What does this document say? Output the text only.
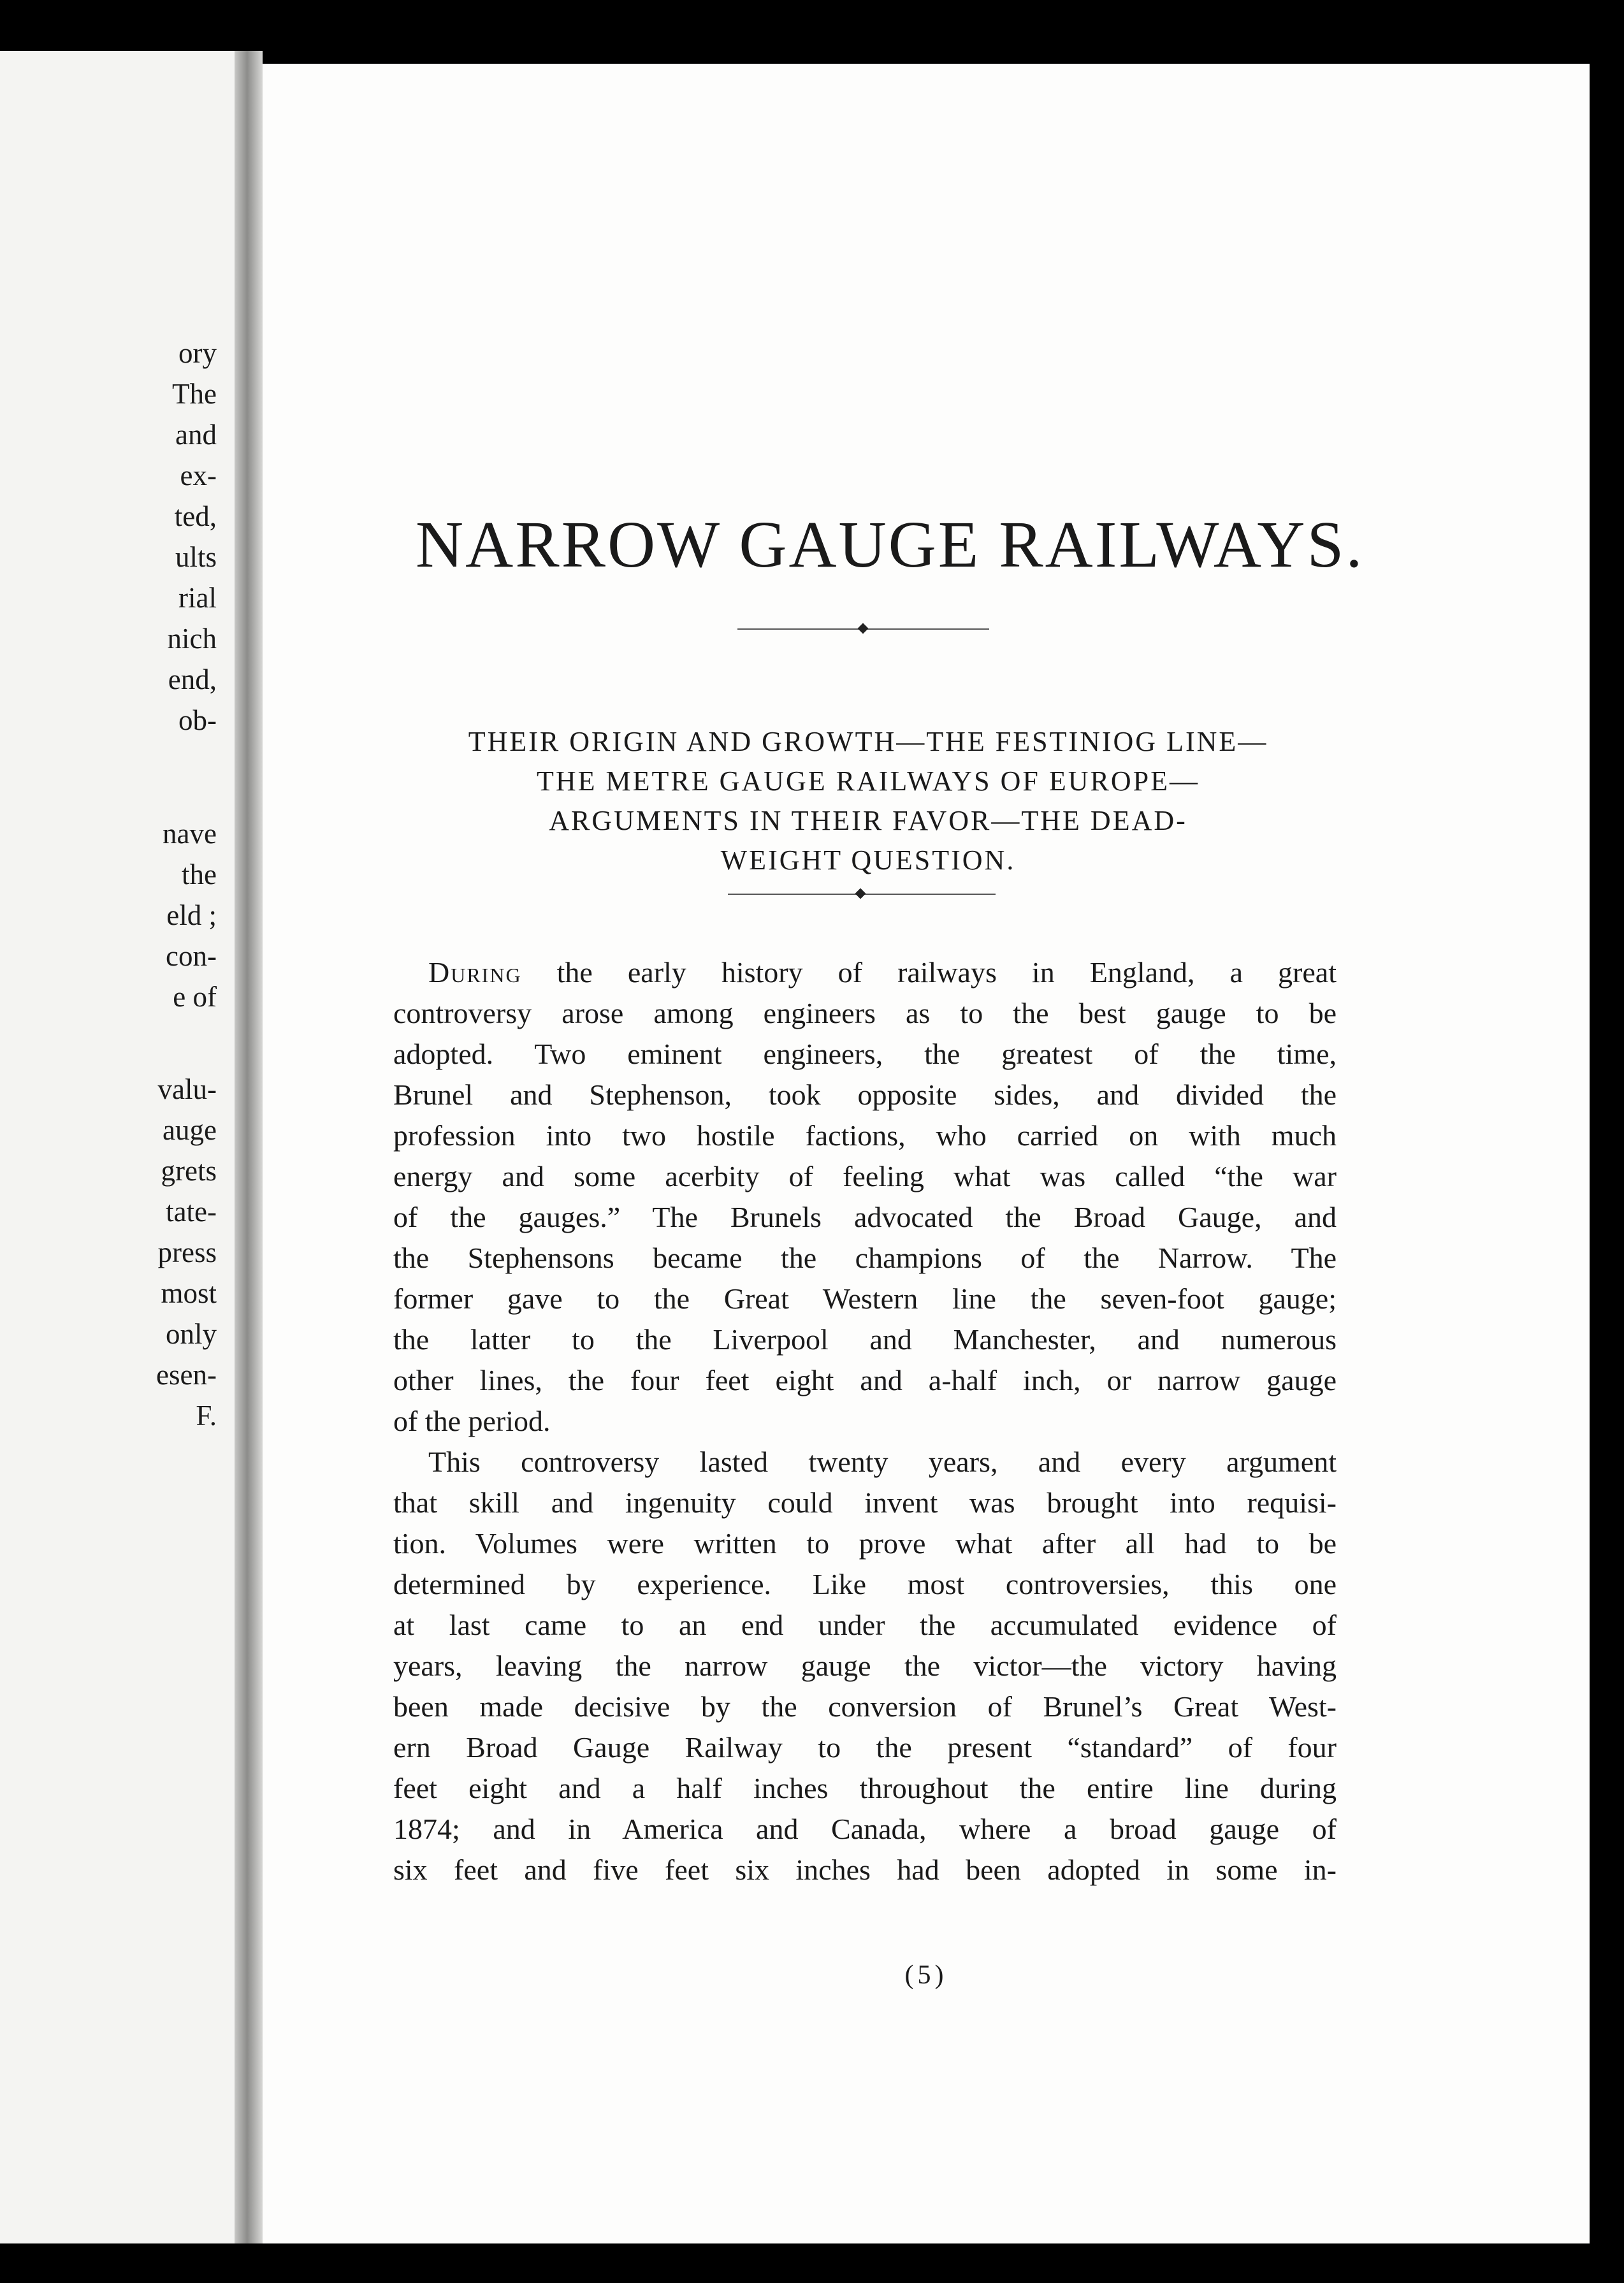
ory
The
and
ex-
ted,
ults
rial
nich
end,
ob-
nave
the
eld ;
con-
e of
valu-
auge
grets
tate-
press
most
only
esen-
F.
NARROW GAUGE RAILWAYS.
THEIR ORIGIN AND GROWTH—THE FESTINIOG LINE—
THE METRE GAUGE RAILWAYS OF EUROPE—
ARGUMENTS IN THEIR FAVOR—THE DEAD-
WEIGHT QUESTION.
During the early history of railways in England, a great
controversy arose among engineers as to the best gauge to be
adopted. Two eminent engineers, the greatest of the time,
Brunel and Stephenson, took opposite sides, and divided the
profession into two hostile factions, who carried on with much
energy and some acerbity of feeling what was called “the war
of the gauges.” The Brunels advocated the Broad Gauge, and
the Stephensons became the champions of the Narrow. The
former gave to the Great Western line the seven-foot gauge;
the latter to the Liverpool and Manchester, and numerous
other lines, the four feet eight and a-half inch, or narrow gauge
of the period.
This controversy lasted twenty years, and every argument
that skill and ingenuity could invent was brought into requisi-
tion. Volumes were written to prove what after all had to be
determined by experience. Like most controversies, this one
at last came to an end under the accumulated evidence of
years, leaving the narrow gauge the victor—the victory having
been made decisive by the conversion of Brunel’s Great West-
ern Broad Gauge Railway to the present “standard” of four
feet eight and a half inches throughout the entire line during
1874; and in America and Canada, where a broad gauge of
six feet and five feet six inches had been adopted in some in-
(5)
